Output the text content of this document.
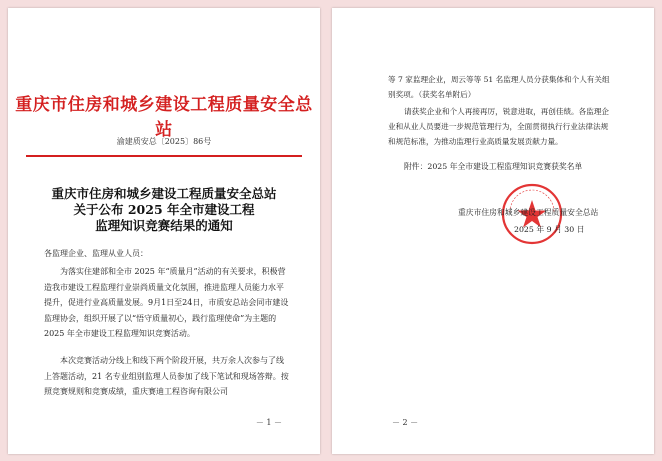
重庆市住房和城乡建设工程质量安全总站
渝建质安总〔2025〕86号
重庆市住房和城乡建设工程质量安全总站
关于公布 2025 年全市建设工程
监理知识竞赛结果的通知
各监理企业、监理从业人员：
为落实住建部和全市 2025 年“质量月”活动的有关要求，积极营造我市建设工程监理行业崇尚质量文化氛围，推进监理人员能力水平提升，促进行业高质量发展。9月1日至24日，市质安总站会同市建设监理协会，组织开展了以“悟守质量初心，践行监理使命”为主题的 2025 年全市建设工程监理知识竞赛活动。
本次竞赛活动分线上和线下两个阶段开展，共万余人次参与了线上答题活动，21 名专业组别监理人员参加了线下笔试和现场答辩。按照竞赛规则和竞赛成绩，重庆赛迪工程咨询有限公司
－ 1 －
等 7 家监理企业，周云等等 51 名监理人员分获集体和个人有关组别奖项。（获奖名单附后）
请获奖企业和个人再接再厉，锐意进取，再创佳绩。各监理企业和从业人员要进一步规范管理行为，全面贯彻执行行业法律法规和规范标准，为推动监理行业高质量发展贡献力量。
附件：2025 年全市建设工程监理知识竞赛获奖名单
重庆市住房和城乡建设工程质量安全总站
2025 年 9 月 30 日
－ 2 －
